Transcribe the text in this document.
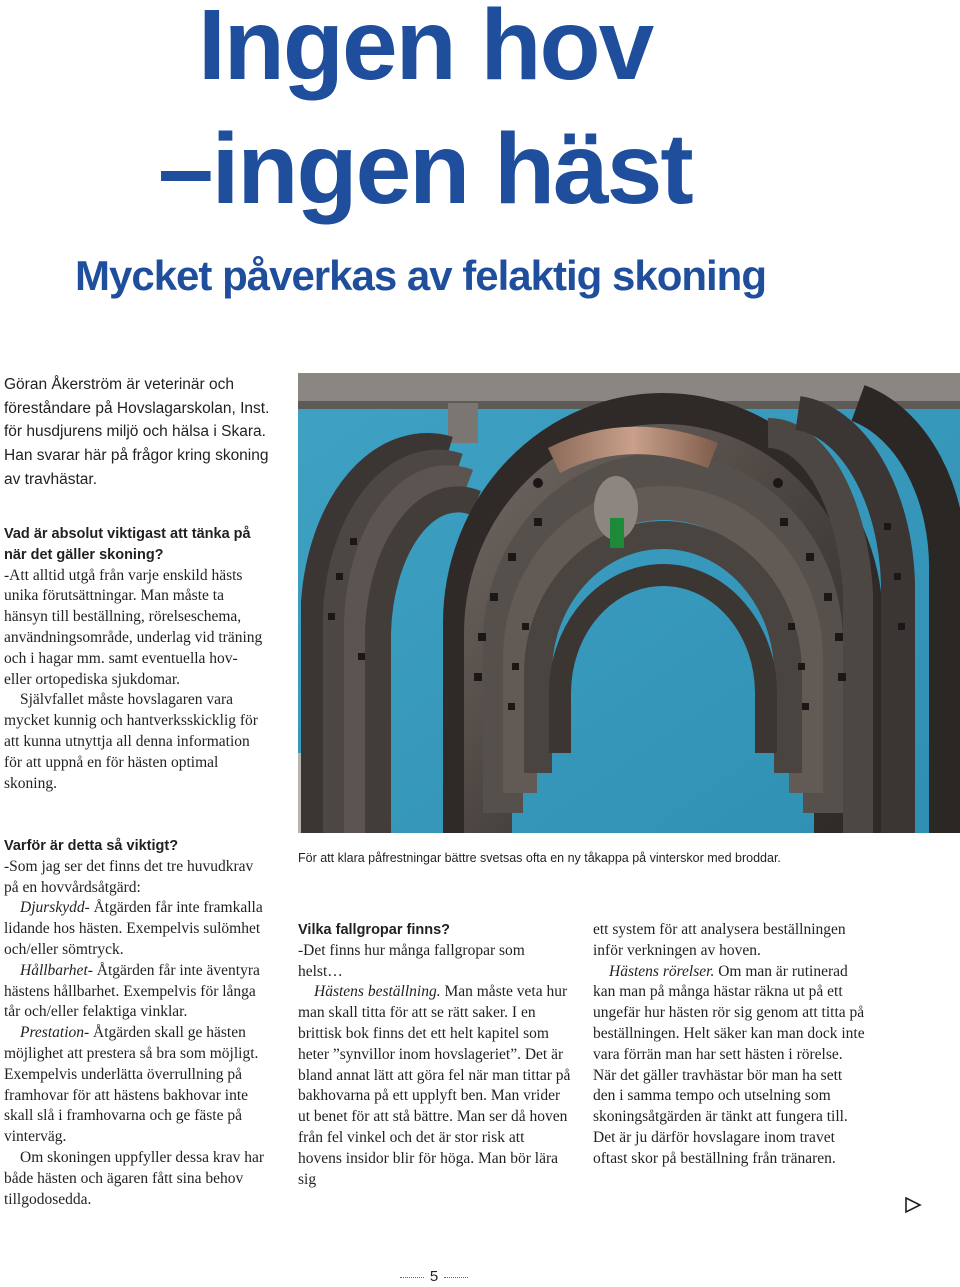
Ingen hov
–ingen häst
Mycket påverkas av felaktig skoning
Göran Åkerström är veterinär och föreståndare på Hovslagarskolan, Inst. för husdjurens miljö och hälsa i Skara. Han svarar här på frågor kring skoning av travhästar.
Vad är absolut viktigast att tänka på när det gäller skoning?

-Att alltid utgå från varje enskild hästs unika förutsättningar. Man måste ta hänsyn till beställning, rörelseschema, användningsområde, underlag vid träning och i hagar mm. samt eventuella hov- eller ortopediska sjukdomar.

Självfallet måste hovslagaren vara mycket kunnig och hantverksskicklig för att kunna utnyttja all denna information för att uppnå en för hästen optimal skoning.

Varför är detta så viktigt?

-Som jag ser det finns det tre huvudkrav på en hovvårdsåtgärd:

Djurskydd- Åtgärden får inte framkalla lidande hos hästen. Exempelvis sulömhet och/eller sömtryck.

Hållbarhet- Åtgärden får inte äventyra hästens hållbarhet. Exempelvis för långa tår och/eller felaktiga vinklar.

Prestation- Åtgärden skall ge hästen möjlighet att prestera så bra som möjligt. Exempelvis underlätta överrullning på framhovar för att hästens bakhovar inte skall slå i framhovarna och ge fäste på vinterväg.

Om skoningen uppfyller dessa krav har både hästen och ägaren fått sina behov tillgodosedda.

För att klara påfrestningar bättre svetsas ofta en ny tåkappa på vinterskor med broddar.
Vilka fallgropar finns?

-Det finns hur många fallgropar som helst…

Hästens beställning. Man måste veta hur man skall titta för att se rätt saker. I en brittisk bok finns det ett helt kapitel som heter ”synvillor inom hovslageriet”. Det är bland annat lätt att göra fel när man tittar på bakhovarna på ett upplyft ben. Man vrider ut benet för att stå bättre. Man ser då hoven från fel vinkel och det är stor risk att hovens insidor blir för höga. Man bör lära sig

ett system för att analysera beställningen inför verkningen av hoven.

Hästens rörelser. Om man är rutinerad kan man på många hästar räkna ut på ett ungefär hur hästen rör sig genom att titta på beställningen. Helt säker kan man dock inte vara förrän man har sett hästen i rörelse. När det gäller travhästar bör man ha sett den i samma tempo och utselning som skoningsåtgärden är tänkt att fungera till. Det är ju därför hovslagare inom travet oftast skor på beställning från tränaren.

5
